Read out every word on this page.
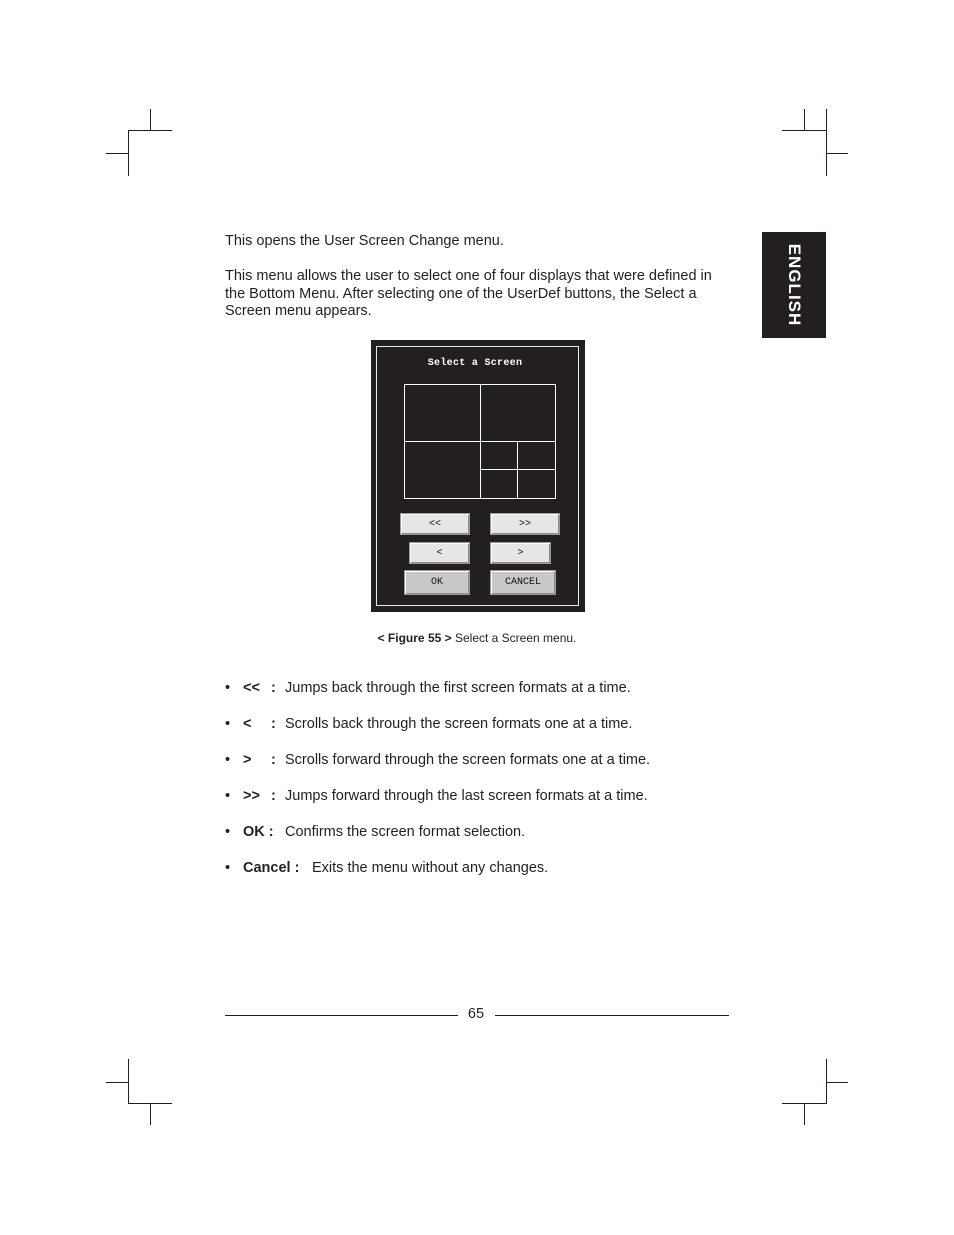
ENGLISH

This opens the User Screen Change menu.

This menu allows the user to select one of four displays that were defined in the Bottom Menu. After selecting one of the UserDef buttons, the Select a Screen menu appears.

Select a Screen
<<	>>
<	>
OK	CANCEL

< Figure 55 > Select a Screen menu.

• << : Jumps back through the first screen formats at a time.
• < : Scrolls back through the screen formats one at a time.
• > : Scrolls forward through the screen formats one at a time.
• >> : Jumps forward through the last screen formats at a time.
• OK : Confirms the screen format selection.
• Cancel : Exits the menu without any changes.
65
